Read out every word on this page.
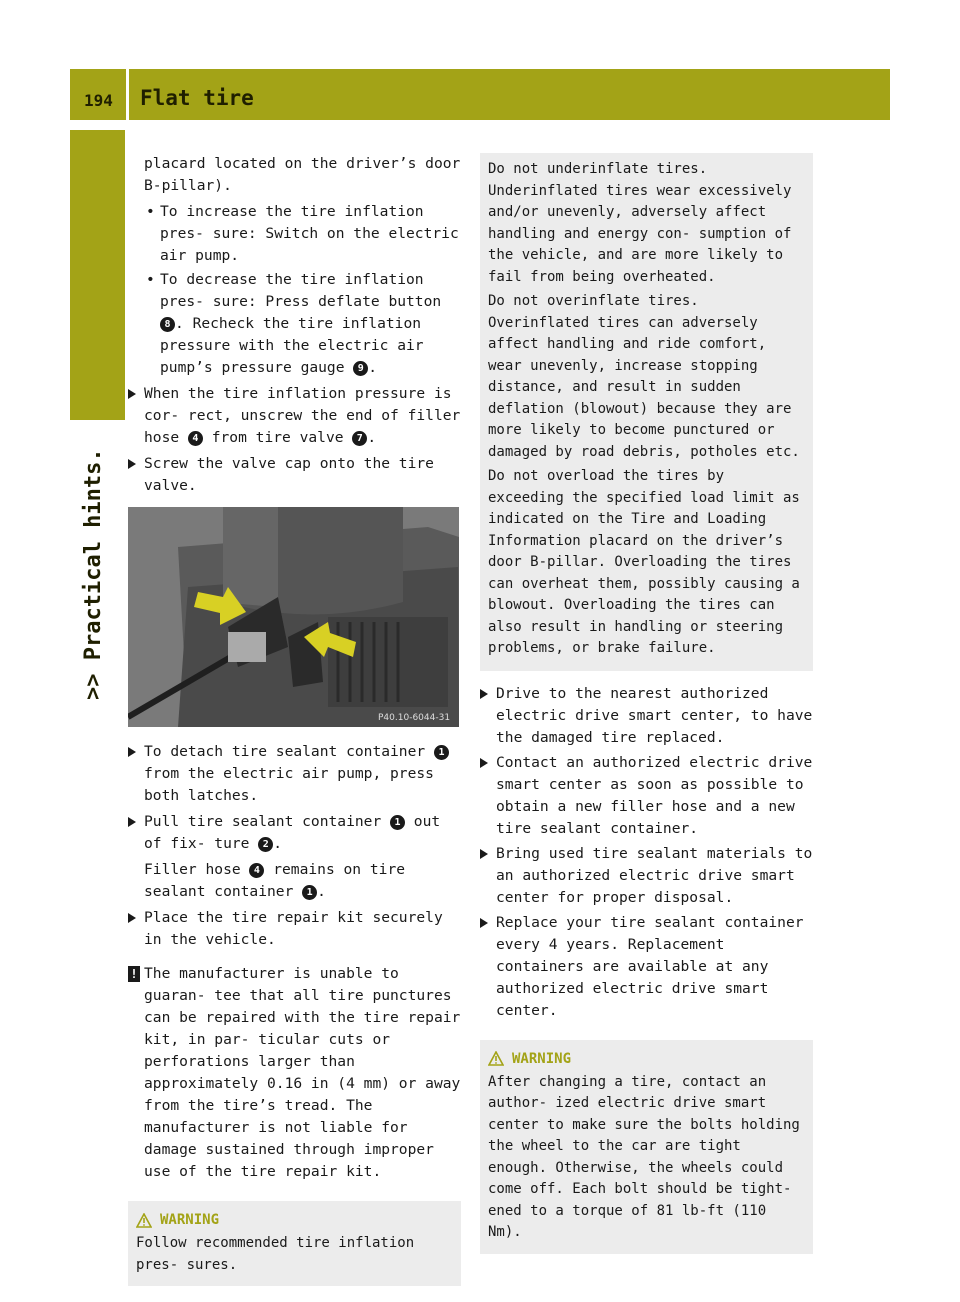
194 Flat tire
>> Practical hints.

placard located on the driver’s door

B-pillar).

• To increase the tire inflation pres- sure: Switch on the electric air pump.
• To decrease the tire inflation pres- sure: Press deflate button 8 . Recheck the tire inflation pressure with the electric air pump’s pressure gauge 9 .
When the tire inflation pressure is cor- rect, unscrew the end of filler hose 4 from tire valve 7 .
Screw the valve cap onto the tire valve.
P40.10-6044-31
To detach tire sealant container 1 from the electric air pump, press both latches.
Pull tire sealant container 1 out of fix- ture 2 .

Filler hose 4 remains on tire sealant container 1 .

Place the tire repair kit securely in the vehicle.
! The manufacturer is unable to guaran- tee that all tire punctures can be repaired with the tire repair kit, in par- ticular cuts or perforations larger than approximately 0.16 in (4 mm) or away from the tire’s tread. The manufacturer is not liable for damage sustained through improper use of the tire repair kit.
WARNING

Follow recommended tire inflation pres- sures.

Do not underinflate tires. Underinflated tires wear excessively and/or unevenly, adversely affect handling and energy con- sumption of the vehicle, and are more likely to fail from being overheated.

Do not overinflate tires. Overinflated tires can adversely affect handling and ride comfort, wear unevenly, increase stopping distance, and result in sudden deflation (blowout) because they are more likely to become punctured or damaged by road debris, potholes etc.

Do not overload the tires by exceeding the specified load limit as indicated on the Tire and Loading Information placard on the driver’s door B-pillar. Overloading the tires can overheat them, possibly causing a blowout. Overloading the tires can also result in handling or steering problems, or brake failure.

Drive to the nearest authorized electric drive smart center, to have the damaged tire replaced.
Contact an authorized electric drive smart center as soon as possible to obtain a new filler hose and a new tire sealant container.
Bring used tire sealant materials to an authorized electric drive smart center for proper disposal.
Replace your tire sealant container every 4 years. Replacement containers are available at any authorized electric drive smart center.
WARNING

After changing a tire, contact an author- ized electric drive smart center to make sure the bolts holding the wheel to the car are tight enough. Otherwise, the wheels could come off. Each bolt should be tight- ened to a torque of 81 lb-ft (110 Nm).
